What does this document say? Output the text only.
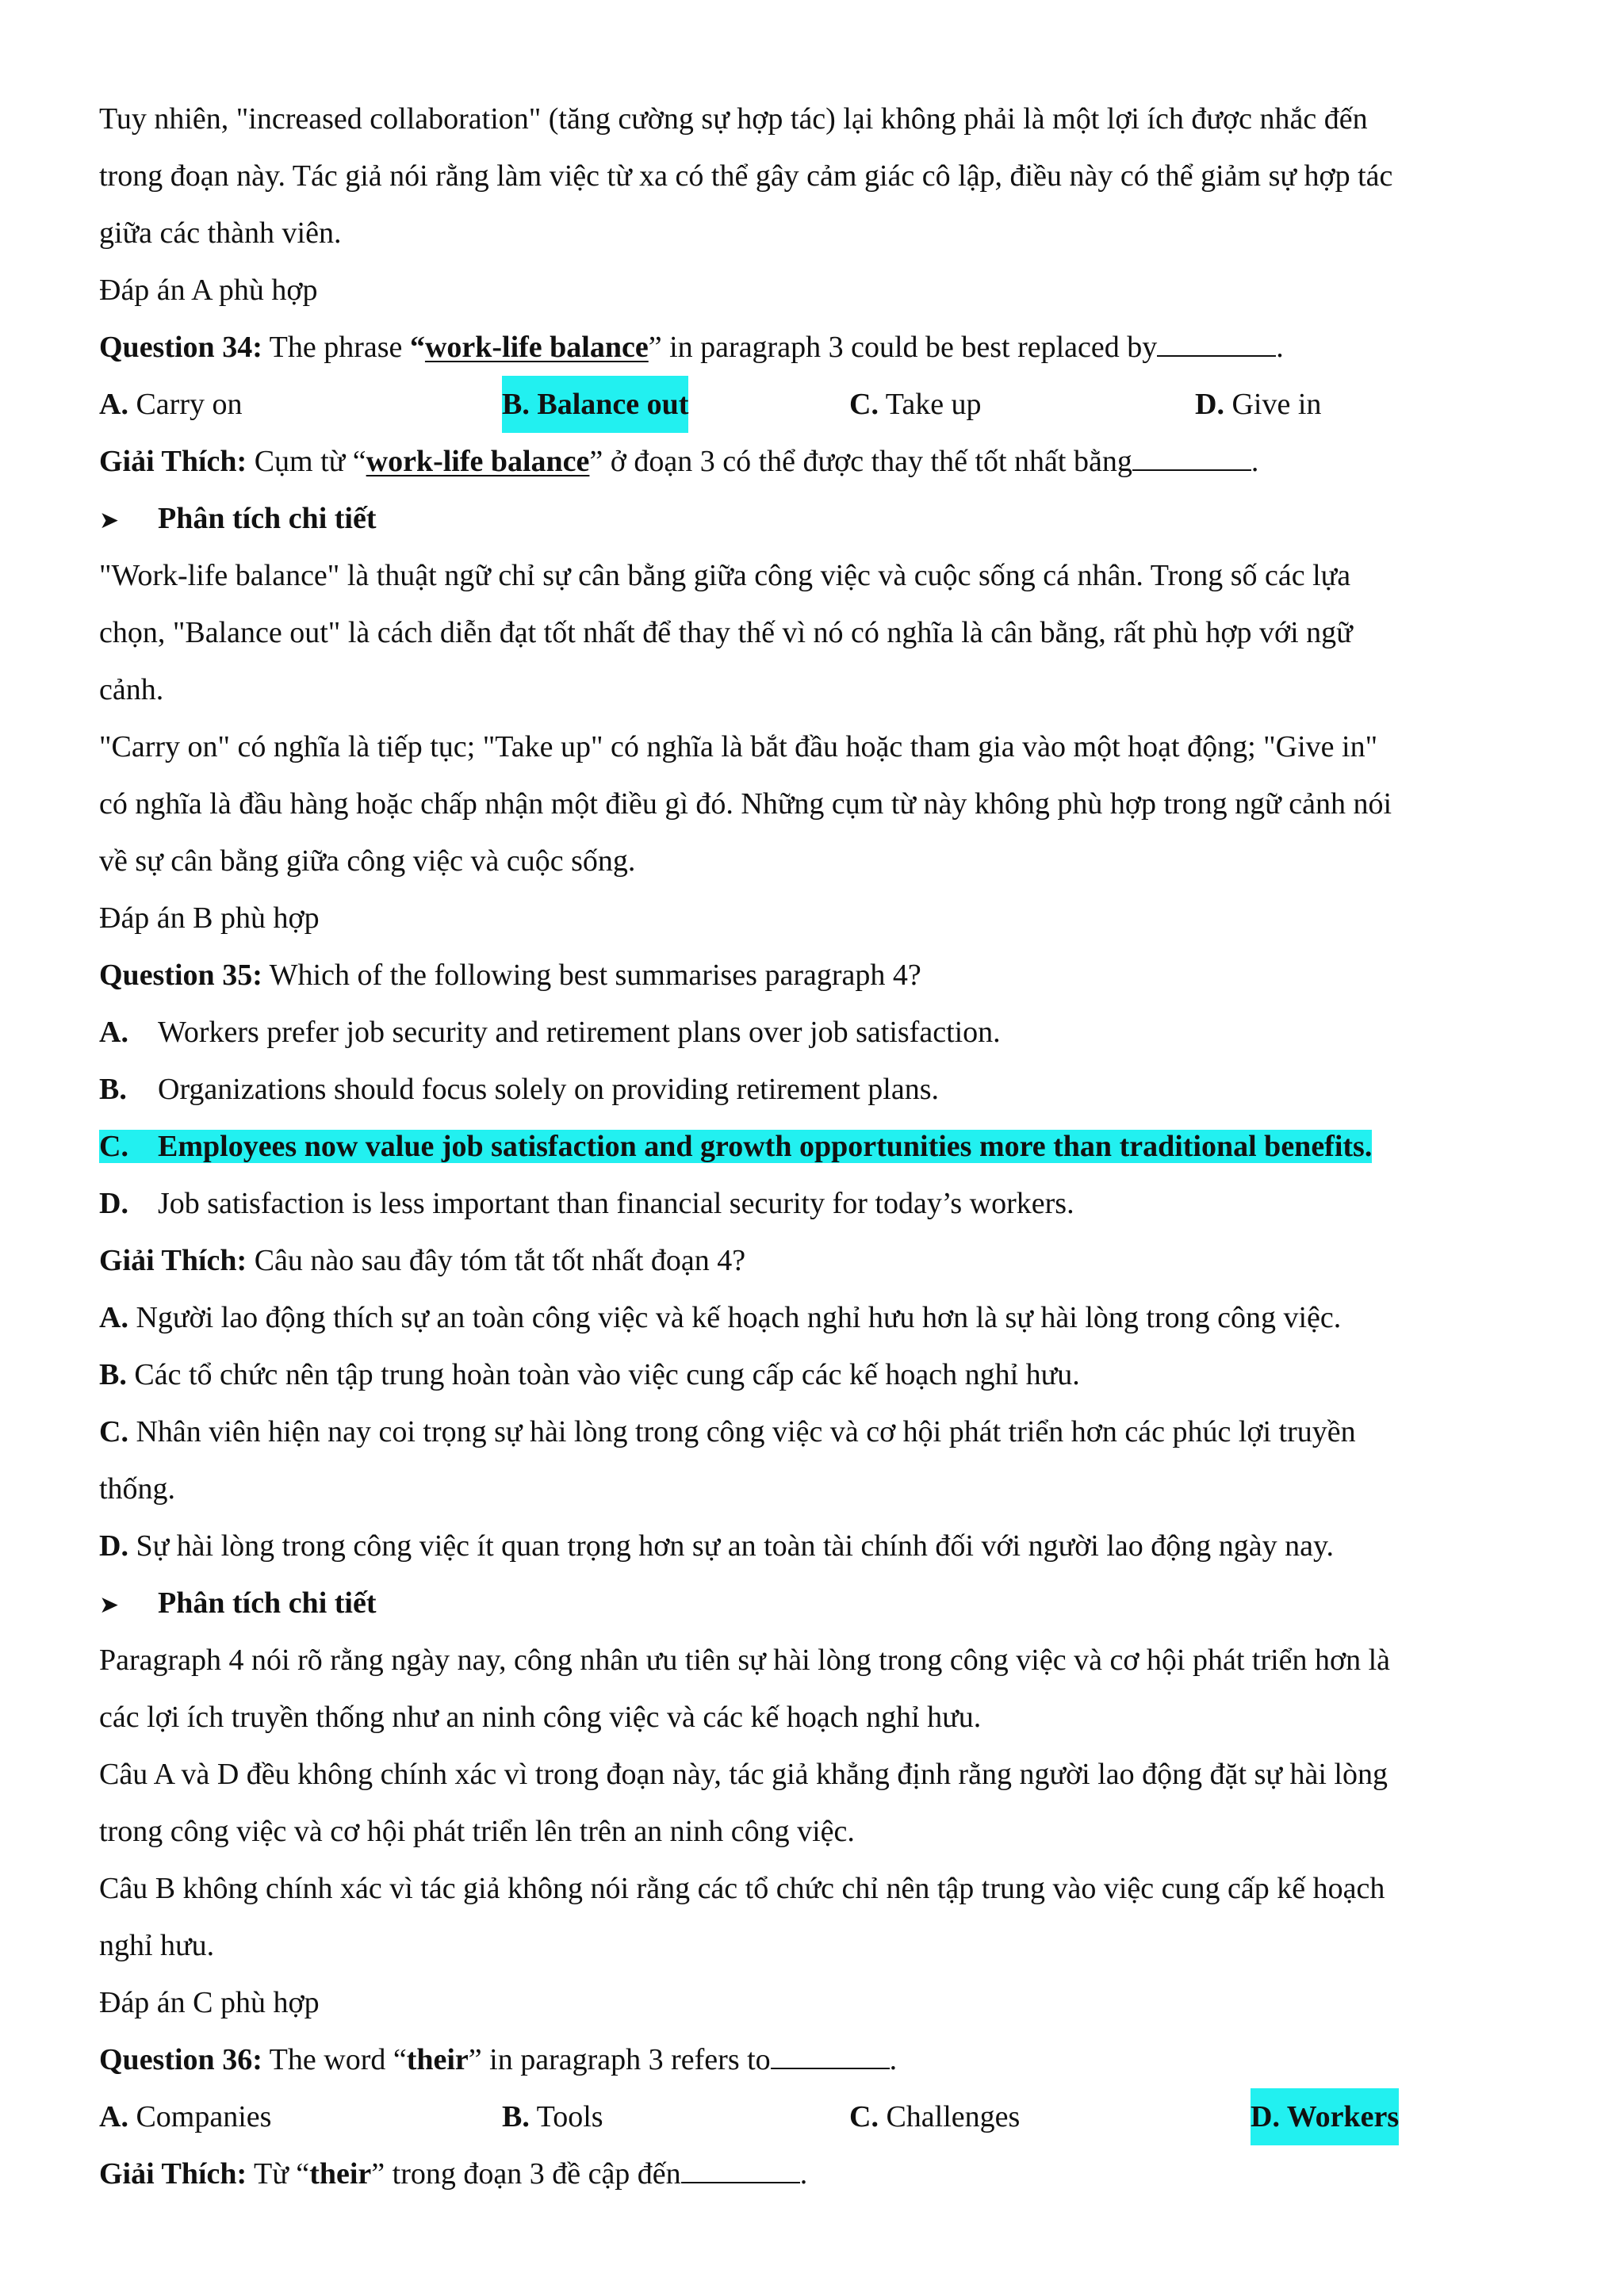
Tuy nhiên, "increased collaboration" (tăng cường sự hợp tác) lại không phải là một lợi ích được nhắc đến
trong đoạn này. Tác giả nói rằng làm việc từ xa có thể gây cảm giác cô lập, điều này có thể giảm sự hợp tác
giữa các thành viên.
Đáp án A phù hợp
Question 34: The phrase “work-life balance” in paragraph 3 could be best replaced by	.
A. Carry on	B. Balance out	C. Take up	D. Give in
Giải Thích: Cụm từ “work-life balance” ở đoạn 3 có thể được thay thế tốt nhất bằng	.
➤ Phân tích chi tiết
"Work-life balance" là thuật ngữ chỉ sự cân bằng giữa công việc và cuộc sống cá nhân. Trong số các lựa
chọn, "Balance out" là cách diễn đạt tốt nhất để thay thế vì nó có nghĩa là cân bằng, rất phù hợp với ngữ
cảnh.
"Carry on" có nghĩa là tiếp tục; "Take up" có nghĩa là bắt đầu hoặc tham gia vào một hoạt động; "Give in"
có nghĩa là đầu hàng hoặc chấp nhận một điều gì đó. Những cụm từ này không phù hợp trong ngữ cảnh nói
về sự cân bằng giữa công việc và cuộc sống.
Đáp án B phù hợp
Question 35: Which of the following best summarises paragraph 4?
A. Workers prefer job security and retirement plans over job satisfaction.
B. Organizations should focus solely on providing retirement plans.
C. Employees now value job satisfaction and growth opportunities more than traditional benefits.
D. Job satisfaction is less important than financial security for today’s workers.
Giải Thích: Câu nào sau đây tóm tắt tốt nhất đoạn 4?
A. Người lao động thích sự an toàn công việc và kế hoạch nghỉ hưu hơn là sự hài lòng trong công việc.
B. Các tổ chức nên tập trung hoàn toàn vào việc cung cấp các kế hoạch nghỉ hưu.
C. Nhân viên hiện nay coi trọng sự hài lòng trong công việc và cơ hội phát triển hơn các phúc lợi truyền
thống.
D. Sự hài lòng trong công việc ít quan trọng hơn sự an toàn tài chính đối với người lao động ngày nay.
➤ Phân tích chi tiết
Paragraph 4 nói rõ rằng ngày nay, công nhân ưu tiên sự hài lòng trong công việc và cơ hội phát triển hơn là
các lợi ích truyền thống như an ninh công việc và các kế hoạch nghỉ hưu.
Câu A và D đều không chính xác vì trong đoạn này, tác giả khẳng định rằng người lao động đặt sự hài lòng
trong công việc và cơ hội phát triển lên trên an ninh công việc.
Câu B không chính xác vì tác giả không nói rằng các tổ chức chỉ nên tập trung vào việc cung cấp kế hoạch
nghỉ hưu.
Đáp án C phù hợp
Question 36: The word “their” in paragraph 3 refers to	.
A. Companies	B. Tools	C. Challenges	D. Workers
Giải Thích: Từ “their” trong đoạn 3 đề cập đến	.
